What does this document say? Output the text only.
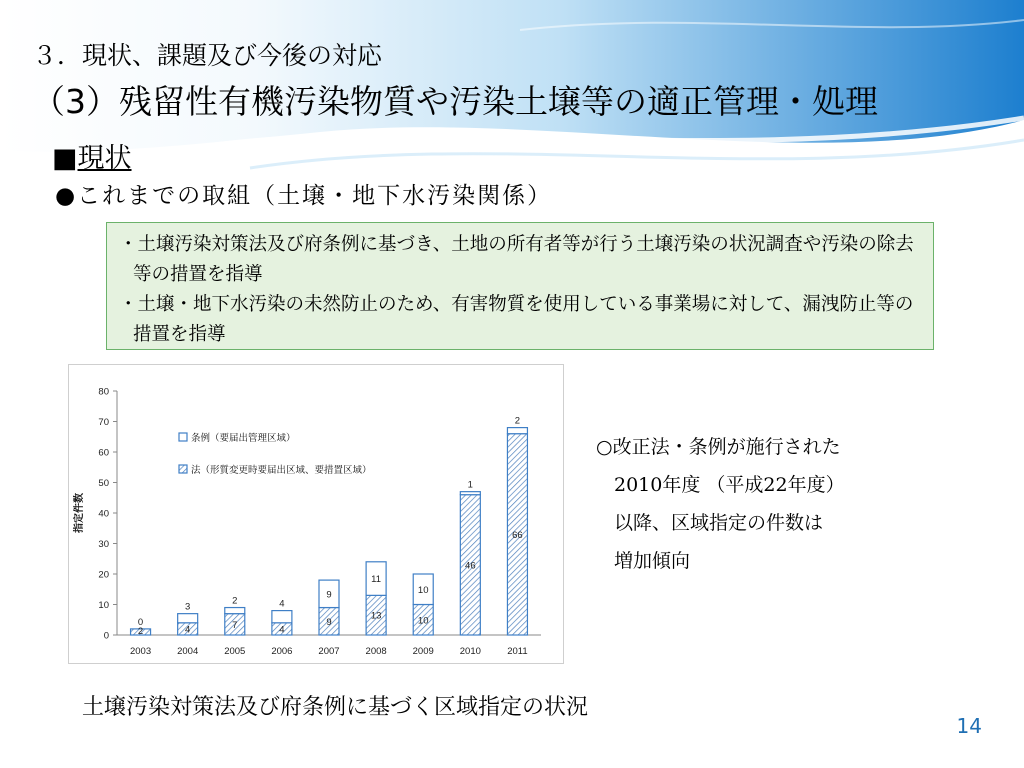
３．現状、課題及び今後の対応
（3）残留性有機汚染物質や汚染土壌等の適正管理・処理
■現状
●これまでの取組（土壌・地下水汚染関係）

・土壌汚染対策法及び府条例に基づき、土地の所有者等が行う土壌汚染の状況調査や汚染の除去等の措置を指導

・土壌・地下水汚染の未然防止のため、有害物質を使用している事業場に対して、漏洩防止等の措置を指導

0
10
20
30
40
50
60
70
80
指定件数
2003
2
0
2004
4
3
2005
7
2
2006
4
4
2007
9
9
2008
13
11
2009
10
10
2010
46
1
2011
66
2
条例（要届出管理区域）
法（形質変更時要届出区域、要措置区域）

○改正法・条例が施行された

2010年度 （平成22年度）

以降、区域指定の件数は

増加傾向

土壌汚染対策法及び府条例に基づく区域指定の状況
14
